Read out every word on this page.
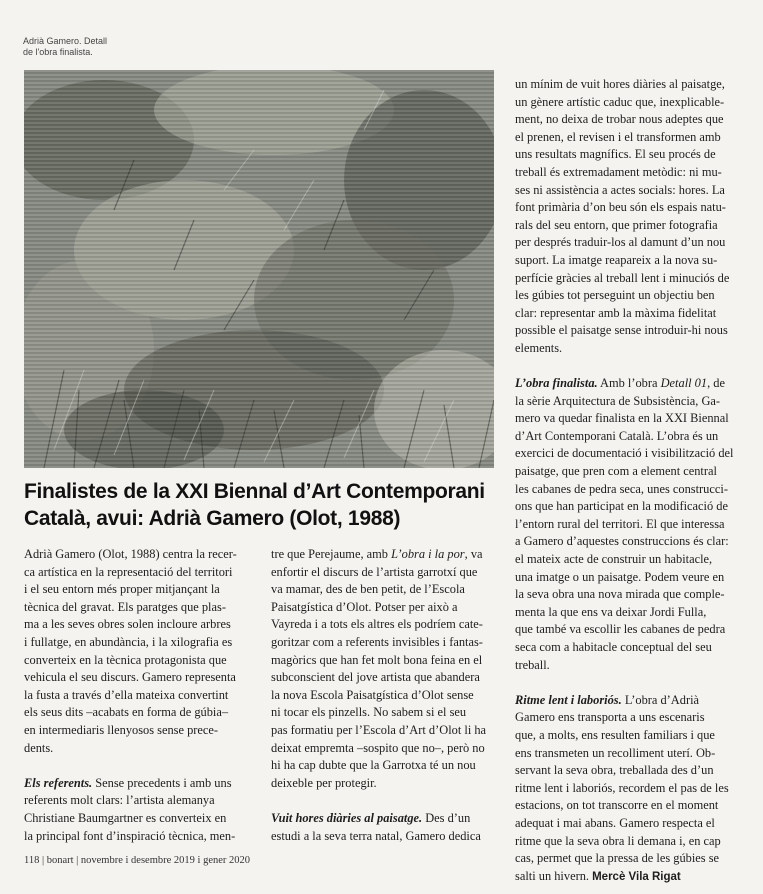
Adrià Gamero. Detall
de l'obra finalista.
Finalistes de la XXI Biennal d’Art Contemporani
Català, avui: Adrià Gamero (Olot, 1988)

Adrià Gamero (Olot, 1988) centra la recer-
ca artística en la representació del territori
i el seu entorn més proper mitjançant la
tècnica del gravat. Els paratges que plas-
ma a les seves obres solen incloure arbres
i fullatge, en abundància, i la xilografia es
converteix en la tècnica protagonista que
vehicula el seu discurs. Gamero representa
la fusta a través d’ella mateixa convertint
els seus dits –acabats en forma de gúbia–
en intermediaris llenyosos sense prece-
dents.

Els referents. Sense precedents i amb uns
referents molt clars: l’artista alemanya
Christiane Baumgartner es converteix en
la principal font d’inspiració tècnica, men-

tre que Perejaume, amb L’obra i la por, va
enfortir el discurs de l’artista garrotxí que
va mamar, des de ben petit, de l’Escola
Paisatgística d’Olot. Potser per això a
Vayreda i a tots els altres els podríem cate-
goritzar com a referents invisibles i fantas-
magòrics que han fet molt bona feina en el
subconscient del jove artista que abandera
la nova Escola Paisatgística d’Olot sense
ni tocar els pinzells. No sabem si el seu
pas formatiu per l’Escola d’Art d’Olot li ha
deixat empremta –sospito que no–, però no
hi ha cap dubte que la Garrotxa té un nou
deixeble per protegir.

Vuit hores diàries al paisatge. Des d’un
estudi a la seva terra natal, Gamero dedica

un mínim de vuit hores diàries al paisatge,
un gènere artístic caduc que, inexplicable-
ment, no deixa de trobar nous adeptes que
el prenen, el revisen i el transformen amb
uns resultats magnífics. El seu procés de
treball és extremadament metòdic: ni mu-
ses ni assistència a actes socials: hores. La
font primària d’on beu són els espais natu-
rals del seu entorn, que primer fotografia
per després traduir-los al damunt d’un nou
suport. La imatge reapareix a la nova su-
perfície gràcies al treball lent i minuciós de
les gúbies tot perseguint un objectiu ben
clar: representar amb la màxima fidelitat
possible el paisatge sense introduir-hi nous
elements.

L’obra finalista. Amb l’obra Detall 01, de
la sèrie Arquitectura de Subsistència, Ga-
mero va quedar finalista en la XXI Biennal
d’Art Contemporani Català. L’obra és un
exercici de documentació i visibilització del
paisatge, que pren com a element central
les cabanes de pedra seca, unes construcci-
ons que han participat en la modificació de
l’entorn rural del territori. El que interessa
a Gamero d’aquestes construccions és clar:
el mateix acte de construir un habitacle,
una imatge o un paisatge. Podem veure en
la seva obra una nova mirada que comple-
menta la que ens va deixar Jordi Fulla,
que també va escollir les cabanes de pedra
seca com a habitacle conceptual del seu
treball.

Ritme lent i laboriós. L’obra d’Adrià
Gamero ens transporta a uns escenaris
que, a molts, ens resulten familiars i que
ens transmeten un recolliment uterí. Ob-
servant la seva obra, treballada des d’un
ritme lent i laboriós, recordem el pas de les
estacions, on tot transcorre en el moment
adequat i mai abans. Gamero respecta el
ritme que la seva obra li demana i, en cap
cas, permet que la pressa de les gúbies se
salti un hivern. Mercè Vila Rigat

118 | bonart | novembre i desembre 2019 i gener 2020
